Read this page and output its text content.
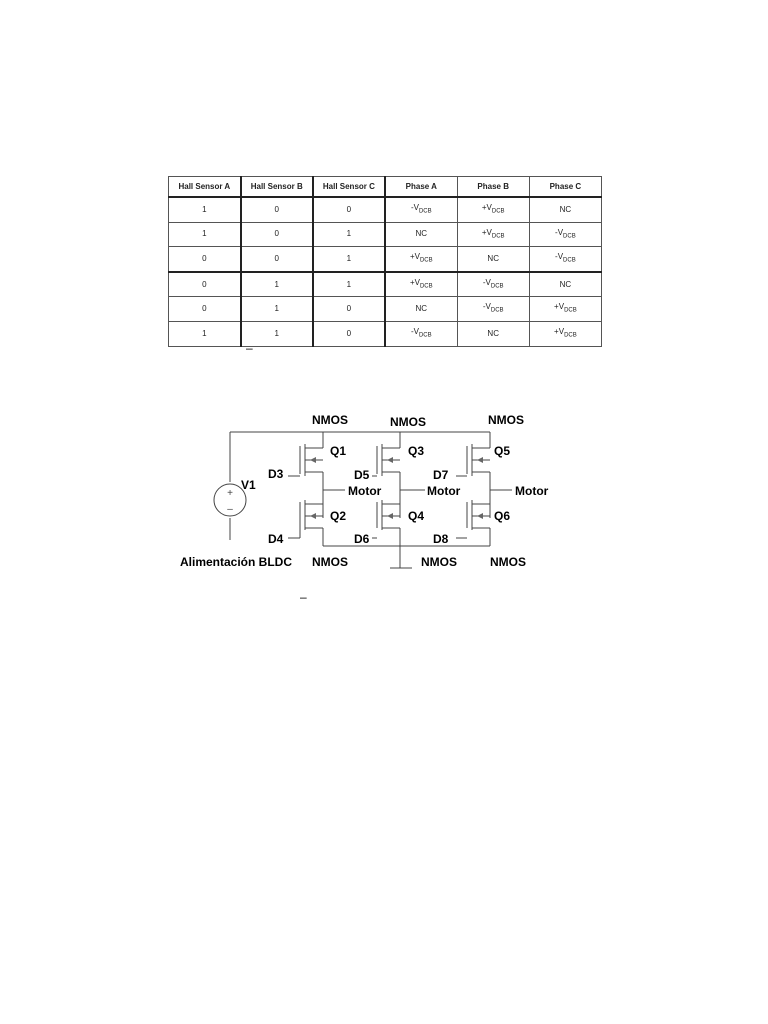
Hall Sensor A	Hall Sensor B	Hall Sensor C	Phase A	Phase B	Phase C
1	0	0	$-V_{DCB}$	$+V_{DCB}$	NC
1	0	1	NC	$+V_{DCB}$	$-V_{DCB}$
0	0	1	$+V_{DCB}$	NC	$-V_{DCB}$
0	1	1	$+V_{DCB}$	$-V_{DCB}$	NC
0	1	0	NC	$-V_{DCB}$	$+V_{DCB}$
1	1	0	$-V_{DCB}$	NC	$+V_{DCB}$
–
+
–
NMOS	NMOS	NMOS
Q1	Q3	Q5
V1
D3	D5	D7
Motor	Motor	Motor
Q2	Q4	Q6
D4	D6	D8
Alimentación BLDC NMOS	NMOS	NMOS
–
